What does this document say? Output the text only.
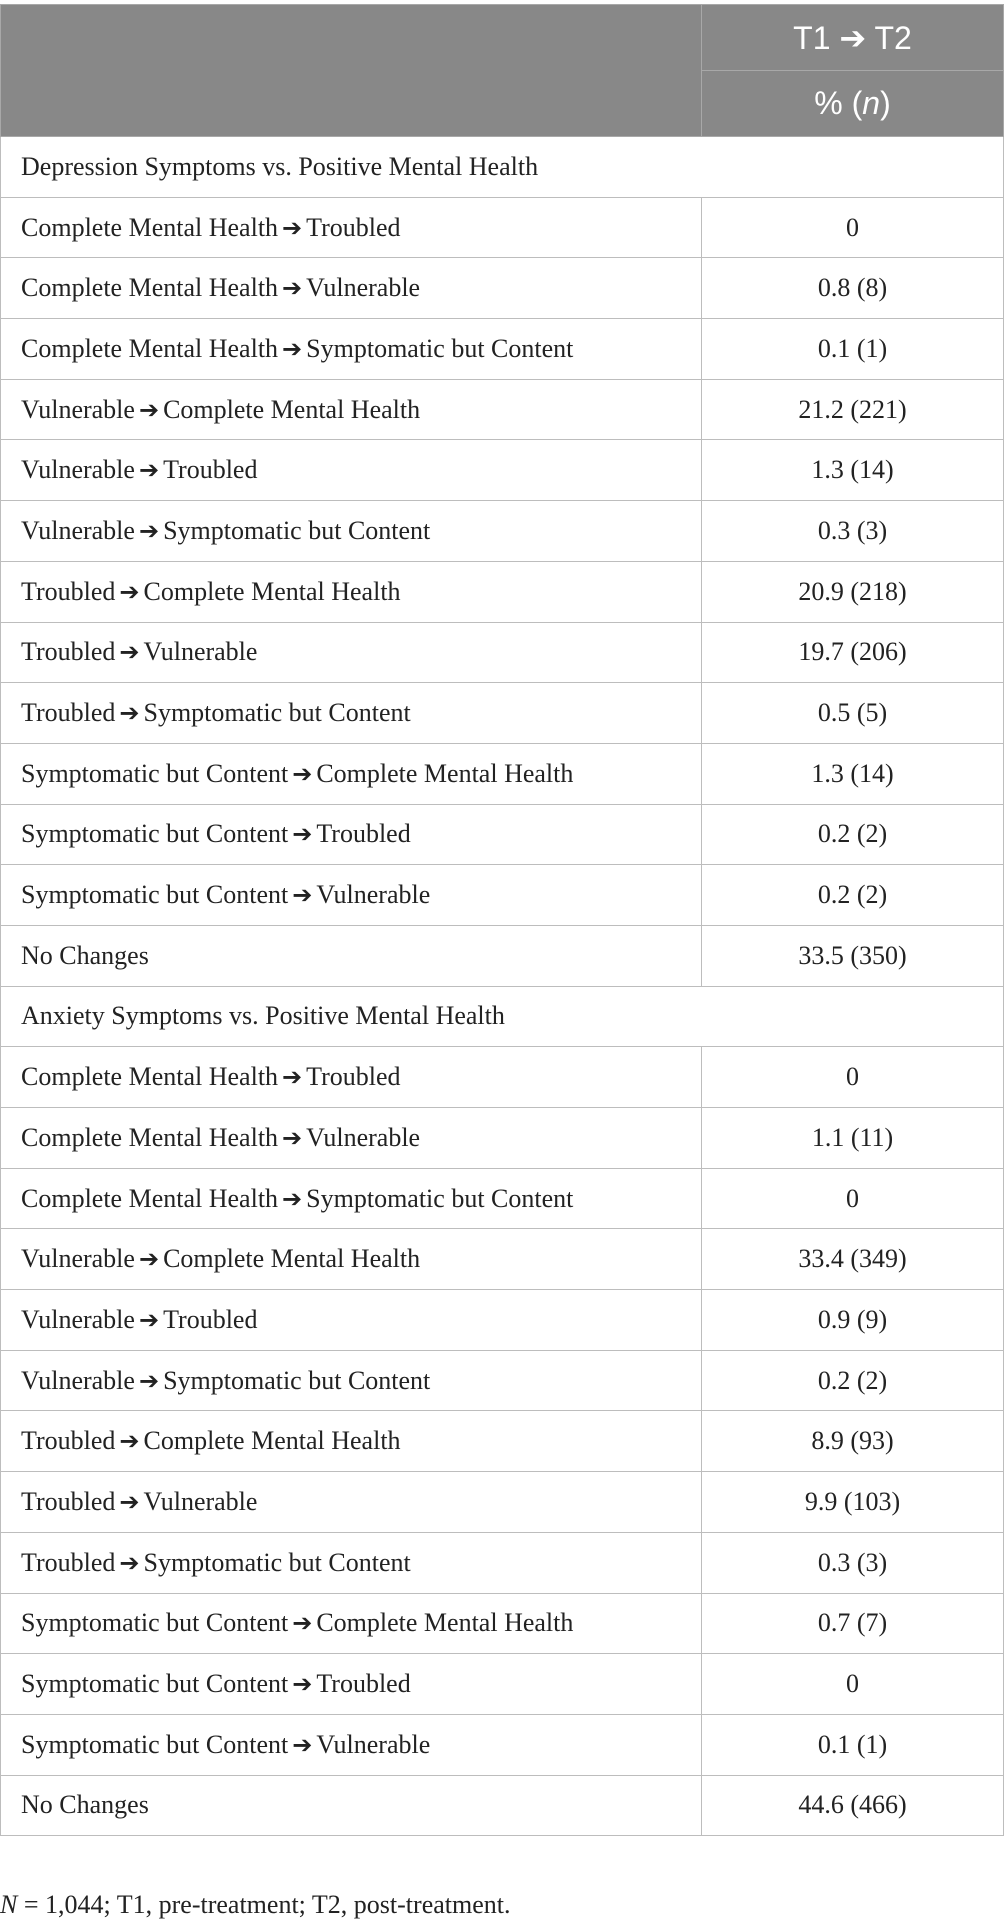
	T1 ➔ T2
	% (n)
Depression Symptoms vs. Positive Mental Health	
Complete Mental Health ➔ Troubled	0
Complete Mental Health ➔ Vulnerable	0.8 (8)
Complete Mental Health ➔ Symptomatic but Content	0.1 (1)
Vulnerable ➔ Complete Mental Health	21.2 (221)
Vulnerable ➔ Troubled	1.3 (14)
Vulnerable ➔ Symptomatic but Content	0.3 (3)
Troubled ➔ Complete Mental Health	20.9 (218)
Troubled ➔ Vulnerable	19.7 (206)
Troubled ➔ Symptomatic but Content	0.5 (5)
Symptomatic but Content ➔ Complete Mental Health	1.3 (14)
Symptomatic but Content ➔ Troubled	0.2 (2)
Symptomatic but Content ➔ Vulnerable	0.2 (2)
No Changes	33.5 (350)
Anxiety Symptoms vs. Positive Mental Health	
Complete Mental Health ➔ Troubled	0
Complete Mental Health ➔ Vulnerable	1.1 (11)
Complete Mental Health ➔ Symptomatic but Content	0
Vulnerable ➔ Complete Mental Health	33.4 (349)
Vulnerable ➔ Troubled	0.9 (9)
Vulnerable ➔ Symptomatic but Content	0.2 (2)
Troubled ➔ Complete Mental Health	8.9 (93)
Troubled ➔ Vulnerable	9.9 (103)
Troubled ➔ Symptomatic but Content	0.3 (3)
Symptomatic but Content ➔ Complete Mental Health	0.7 (7)
Symptomatic but Content ➔ Troubled	0
Symptomatic but Content ➔ Vulnerable	0.1 (1)
No Changes	44.6 (466)
N = 1,044; T1, pre-treatment; T2, post-treatment.
